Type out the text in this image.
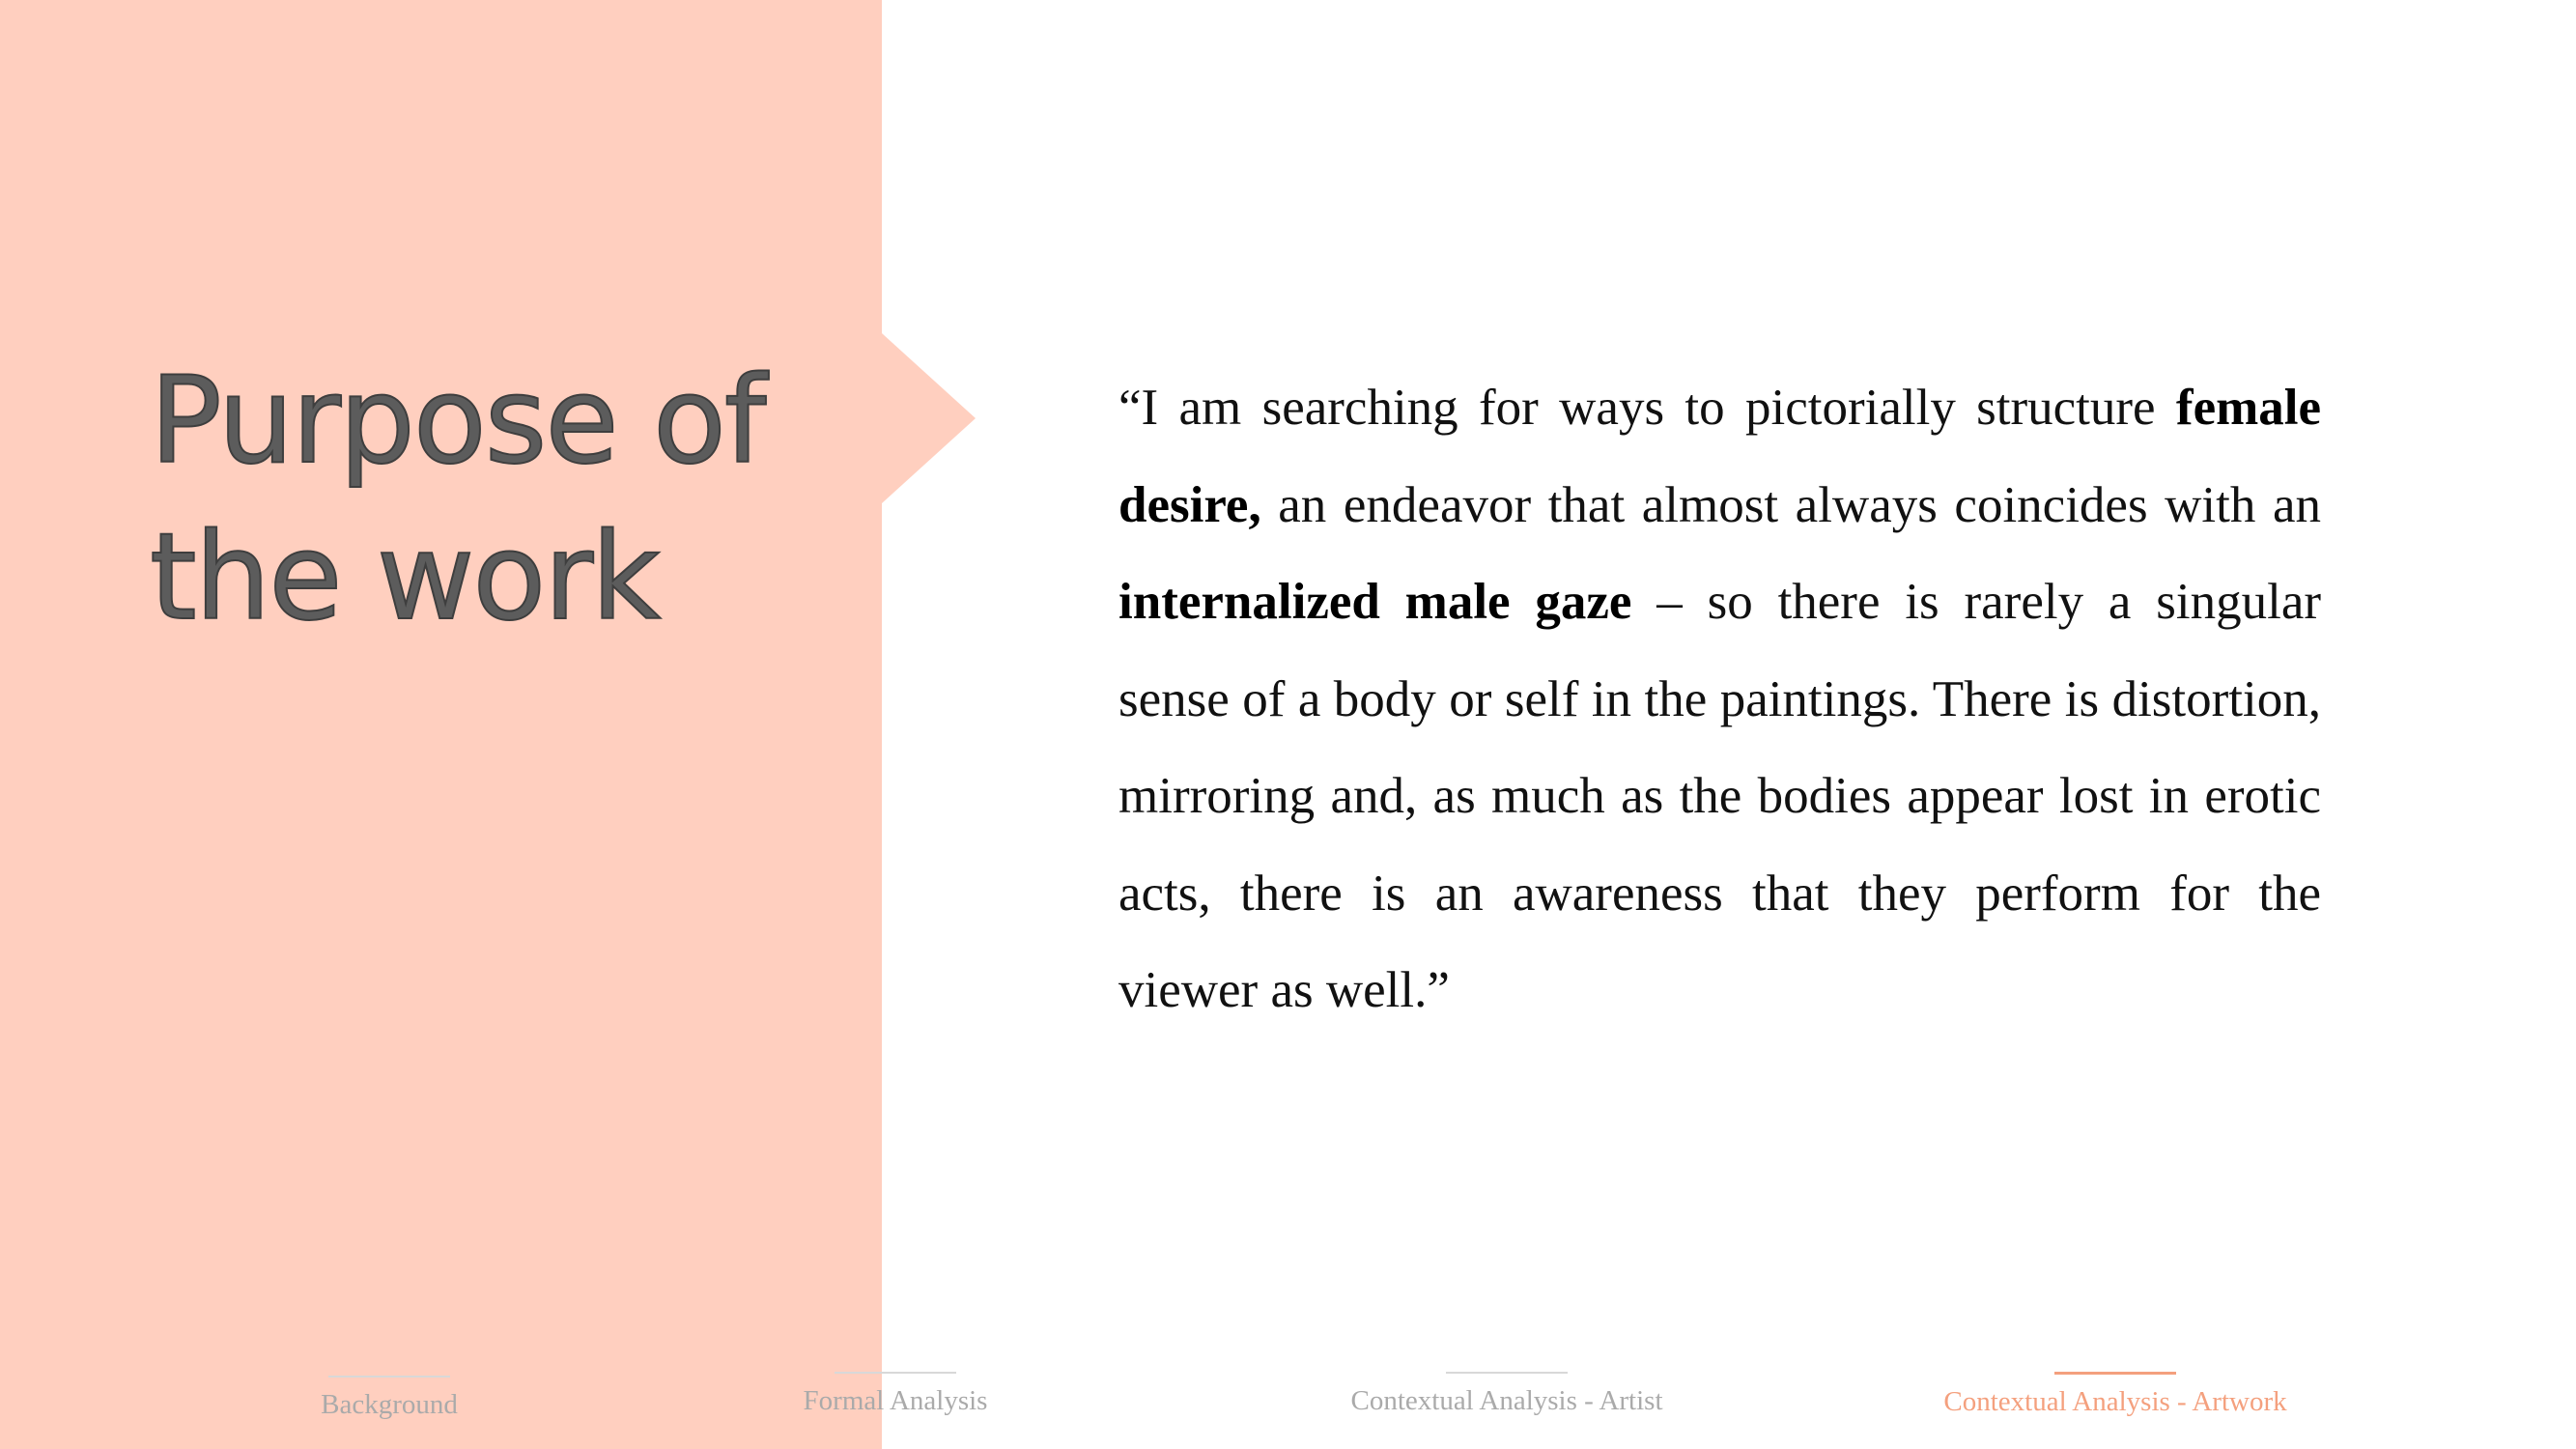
Purpose of
the work

“I am searching for ways to pictorially structure female desire, an endeavor that almost always coincides with an internalized male gaze – so there is rarely a singular sense of a body or self in the paintings. There is distortion, mirroring and, as much as the bodies appear lost in erotic acts, there is an awareness that they perform for the viewer as well.”

Background	Formal Analysis	Contextual Analysis - Artist	Contextual Analysis - Artwork
